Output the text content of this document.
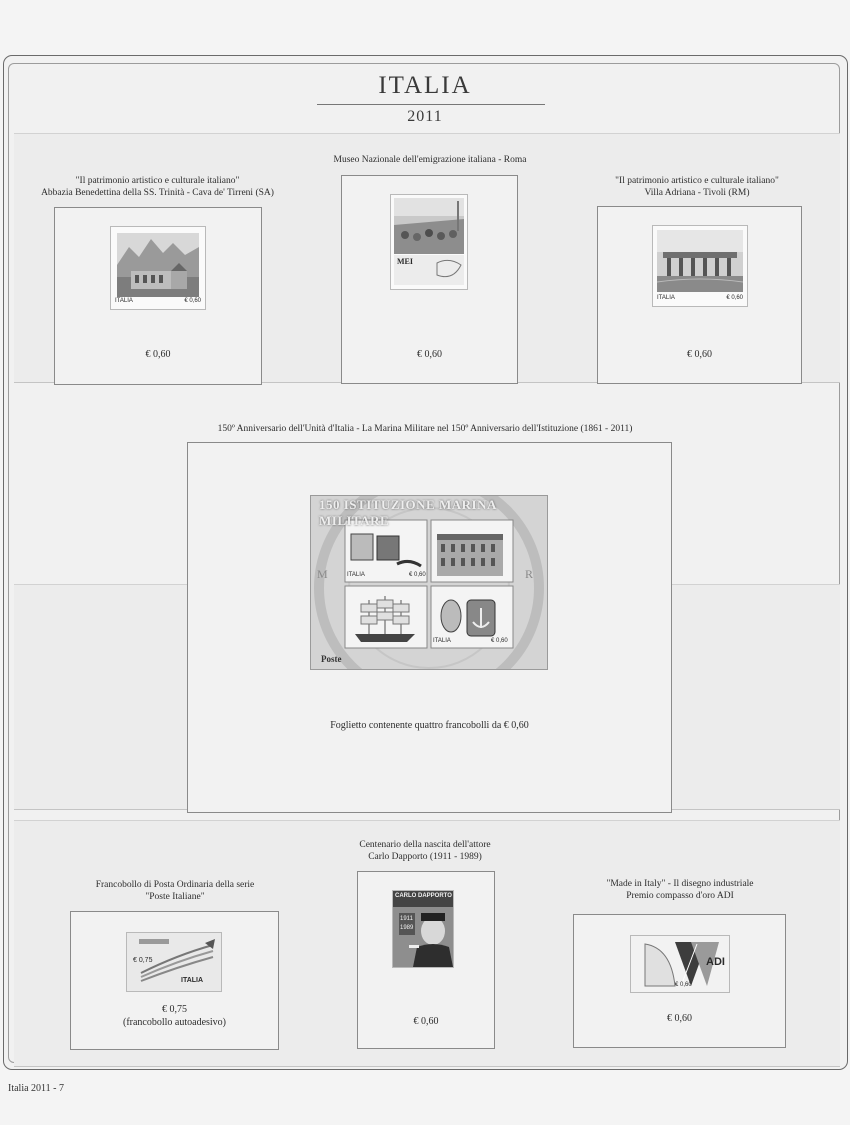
ITALIA
2011
"Il patrimonio artistico e culturale italiano"
Abbazia Benedettina della SS. Trinità - Cava de' Tirreni (SA)
ITALIA	€ 0,60
€ 0,60
Museo Nazionale dell'emigrazione italiana - Roma
MEI
€ 0,60
"Il patrimonio artistico e culturale italiano"
Villa Adriana - Tivoli (RM)
ITALIA	€ 0,60
€ 0,60
150º Anniversario dell'Unità d'Italia - La Marina Militare nel 150º Anniversario dell'Istituzione (1861 - 2011)
M	R
150 ISTITUZIONE MARINA MILITARE
ITALIA	€ 0,60
ITALIA	€ 0,60
Poste
Foglietto contenente quattro francobolli da € 0,60
Francobollo di Posta Ordinaria della serie
"Poste Italiane"
€ 0,75
ITALIA
€ 0,75
(francobollo autoadesivo)
Centenario della nascita dell'attore
Carlo Dapporto (1911 - 1989)
CARLO DAPPORTO
1911
1989
€ 0,60
"Made in Italy" - Il disegno industriale
Premio compasso d'oro ADI
ADI
€ 0,60
€ 0,60
Italia 2011 - 7
